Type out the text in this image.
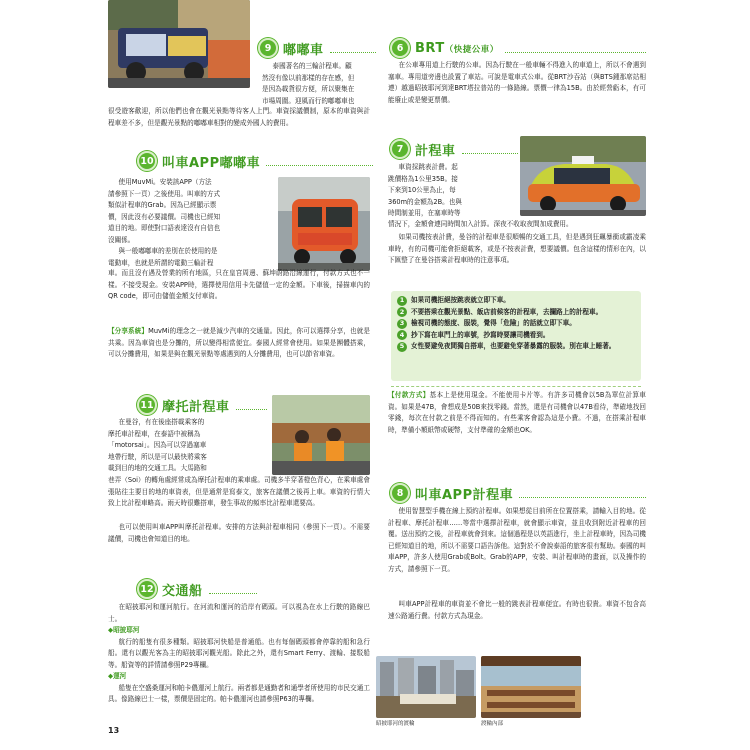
9 嘟嘟車
泰國著名的三輪計程車。顧
然沒有像以前那樣的存在感，但
是因為載貨很方便，所以聚集在
市場周圍。迎風而行的嘟嘟車也
很受遊客歡迎，所以他們也會在觀光景點等待客人上門。車資採議價制，原本的車資與計程車差不多，但是觀光景點的嘟嘟車相對的變成外國人的費用。
10 叫車APP嘟嘟車
使用MuvMi。安裝該APP（方法
請參照下一頁）之後使用。叫車的方式
類似計程車的Grab。因為已經顯示票
價，因此沒有必要議價。司機也已經知
道目的地。即使對口語表達沒有自信也
沒關係。
與一般嘟嘟車的差別在於使用的是
電動車，也就是所謂的電動三輪計程
車。而且沒有遇及營業的所有地區，只在皇宮周邊、蘇坤蔚路沿線運行，付款方式也不一樣。不接受現金。安裝APP時，選擇使用信用卡先儲值一定的金額。下車後，掃描車內的QR code，即可由儲值金額支付車資。
【分享系統】MuvMi的理念之一就是減少汽車的交通量。因此，你可以選擇分享，也就是共乘。因為車資也是分攤的，所以變得相當便宜。泰國人經常會使用。如果是團體搭乘，可以分攤費用，如果是與在觀光景點等處遇到的人分攤費用，也可以節省車資。
11 摩托計程車
在曼谷，有在後座搭載乘客的
摩托車計程車，在泰語中被稱為
「motorsai」。因為可以穿過塞車
地帶行駛，所以是可以最快將乘客
載到目的地的交通工具。大馬路和
巷弄（Soi）的轉角處經常成為摩托計程車的乘車處。司機多半穿著橙色背心，在乘車處會張貼往主要目的地的車資表，但是通常是寫泰文，旅客在議價之後再上車。車資的行情大致上比計程車略高。雨天時很難搭車，發生事故的頻率比計程車還要高。
也可以使用叫車APP叫摩托計程車。安排的方法與計程車相同（參照下一頁）。不需要議價，司機也會知道目的地。
12 交通船
在昭披耶河和運河航行。在河流和運河的沿岸有碼頭。可以視為在水上行駛的路線巴士。
◆昭披耶河
航行的船隻有很多種類。昭披耶河快船是普通船。也有每個碼頭都會停靠的船和急行船。還有以觀光客為主的昭披耶河觀光船。除此之外，還有Smart Ferry、渡輪、接駁船等。船資等的詳情請參照P29專欄。
◆運河
船隻在空盛桑運河和帕卡儂運河上航行。兩者都是通勤者和通學者所使用的市民交通工具。像路線巴士一樣，票價是固定的。帕卡儂運河也請參照P63的專欄。
13
6 BRT（快捷公車）
在公車專用道上行駛的公車。因為行駛在一般車輛不得進入的車道上，所以不會遇到塞車。專用道旁邊也設置了車站。可說是電車式公車。從BRT沙吞站（與BTS鍾那席站相連）越過昭披耶河到達BRT塔拉普站的一條路線。票價一律為15B。由於經營虧本，有可能廢止或是變更票價。
7 計程車
車資採跳表計費。起
跳價格為1公里35B。接
下來到10公里為止，每
360m的金額為2B。也與
時間制並用，在塞車時等
情況下，金額會連同時間加入計算。深夜不收取夜間加成費用。
如果司機按表計費，曼谷的計程車是很順暢的交通工具，但是遇到狂飆暴衝或霸凌乘車時，有的司機可能會拒絕載客，或是不按表計費，想要議價。包含這樣的情形在內，以下匯整了在曼谷搭乘計程車時的注意事項。
1	如果司機拒絕按跳表就立即下車。
2	不要搭乘在觀光景點、飯店前候客的計程車，去攔路上的計程車。
3	檢視司機的態度、服裝，覺得「危險」的話就立即下車。
4	抄下寫在車門上的車號，抄寫時要讓司機看到。
5	女性要避免夜間獨自搭車，也要避免穿著暴露的服裝。別在車上睡著。
【付款方式】基本上是使用現金。不能使用卡片等。有許多司機會以5B為單位計算車資。如果是47B，會想成是50B來找零錢。當然，還是有司機會以47B看待，準確地找回零錢，每次在付款之前是不得而知的。有些乘客會認為這是小費。不過，在搭乘計程車時，準備小額紙幣或硬幣，支付準確的金額也OK。
8 叫車APP計程車
使用智慧型手機在線上預約計程車。如果想從目前所在位置搭乘，請輸入目的地。從計程車、摩托計程車……等當中選擇計程車，就會顯示車資，並且收到附近計程車的回覆。送出預約之後，計程車就會到來。這個過程是以英語進行，坐上計程車時，因為司機已經知道目的地，所以不需要口語告訴他。這對於不會說泰語的旅客很有幫助。泰國的叫車APP，許多人使用Grab或Bolt。Grab的APP，安裝、叫計程車時的畫面，以及操作的方式，請參照下一頁。
叫車APP計程車的車資並不會比一般的跳表計程車便宜。有時也很貴。車資不包含高速公路通行費。付款方式為現金。
昭披耶河的渡輪	渡輪內部
